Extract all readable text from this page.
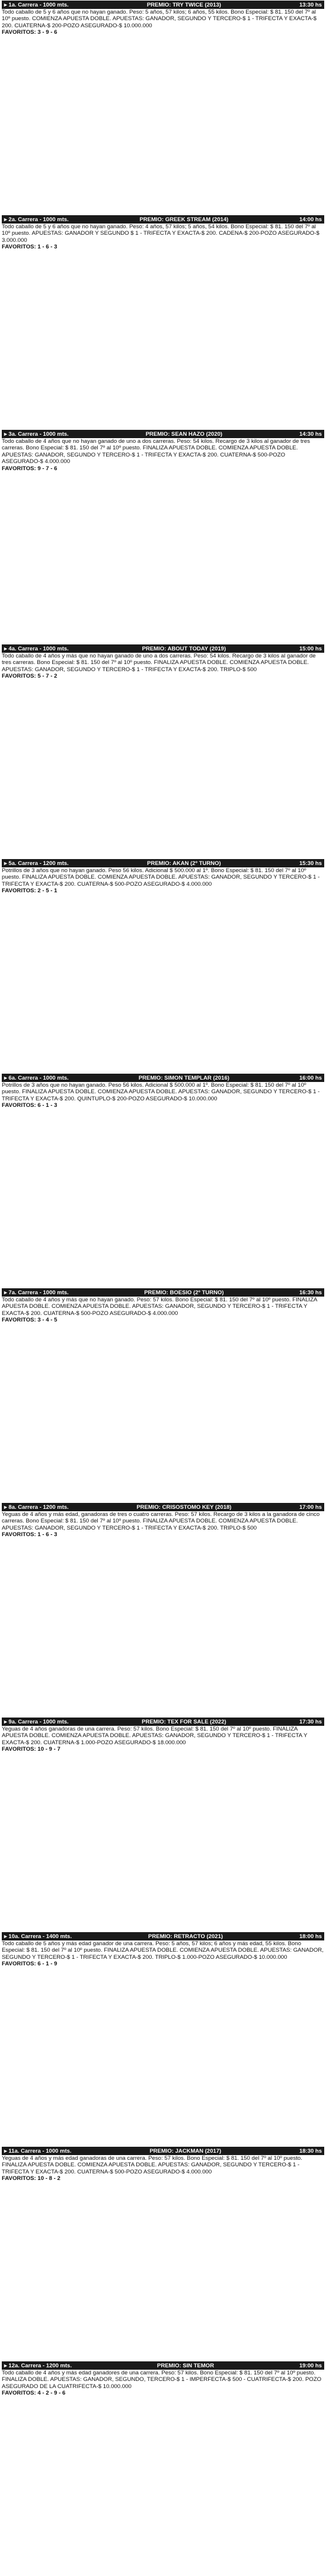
▸ 1a. Carrera - 1000 mts.	PREMIO: TRY TWICE (2013)	13:30 hs
Todo caballo de 5 y 6 años que no hayan ganado. Peso: 5 años, 57 kilos; 6 años, 55 kilos. Bono Especial: $ 81. 150 del 7º al 10º puesto. COMIENZA APUESTA DOBLE. APUESTAS: GANADOR, SEGUNDO Y TERCERO-$ 1 - TRIFECTA Y EXACTA-$ 200. CUATERNA-$ 200-POZO ASEGURADO-$ 10.000.000
FAVORITOS: 3 - 9 - 6
▸ 2a. Carrera - 1000 mts.	PREMIO: GREEK STREAM (2014)	14:00 hs
Todo caballo de 5 y 6 años que no hayan ganado. Peso: 4 años, 57 kilos; 5 años, 54 kilos. Bono Especial: $ 81. 150 del 7º al 10º puesto. APUESTAS: GANADOR Y SEGUNDO $ 1 - TRIFECTA Y EXACTA-$ 200. CADENA-$ 200-POZO ASEGURADO-$ 3.000.000
FAVORITOS: 1 - 6 - 3
▸ 3a. Carrera - 1000 mts.	PREMIO: SEAN HAZO (2020)	14:30 hs
Todo caballo de 4 años que no hayan ganado de uno a dos carreras. Peso: 54 kilos. Recargo de 3 kilos al ganador de tres carreras. Bono Especial: $ 81. 150 del 7º al 10º puesto. FINALIZA APUESTA DOBLE. COMIENZA APUESTA DOBLE. APUESTAS: GANADOR, SEGUNDO Y TERCERO-$ 1 - TRIFECTA Y EXACTA-$ 200. CUATERNA-$ 500-POZO ASEGURADO-$ 4.000.000
FAVORITOS: 9 - 7 - 6
▸ 4a. Carrera - 1000 mts.	PREMIO: ABOUT TODAY (2019)	15:00 hs
Todo caballo de 4 años y más que no hayan ganado de uno a dos carreras. Peso: 54 kilos. Recargo de 3 kilos al ganador de tres carreras. Bono Especial: $ 81. 150 del 7º al 10º puesto. FINALIZA APUESTA DOBLE. COMIENZA APUESTA DOBLE. APUESTAS: GANADOR, SEGUNDO Y TERCERO-$ 1 - TRIFECTA Y EXACTA-$ 200. TRIPLO-$ 500
FAVORITOS: 5 - 7 - 2
▸ 5a. Carrera - 1200 mts.	PREMIO: AKAN (2º TURNO)	15:30 hs
Potrillos de 3 años que no hayan ganado. Peso 56 kilos. Adicional $ 500.000 al 1º. Bono Especial: $ 81. 150 del 7º al 10º puesto. FINALIZA APUESTA DOBLE. COMIENZA APUESTA DOBLE. APUESTAS: GANADOR, SEGUNDO Y TERCERO-$ 1 - TRIFECTA Y EXACTA-$ 200. CUATERNA-$ 500-POZO ASEGURADO-$ 4.000.000
FAVORITOS: 2 - 5 - 1
▸ 6a. Carrera - 1000 mts.	PREMIO: SIMON TEMPLAR (2016)	16:00 hs
Potrillos de 3 años que no hayan ganado. Peso 56 kilos. Adicional $ 500.000 al 1º. Bono Especial: $ 81. 150 del 7º al 10º puesto. FINALIZA APUESTA DOBLE. COMIENZA APUESTA DOBLE. APUESTAS: GANADOR, SEGUNDO Y TERCERO-$ 1 - TRIFECTA Y EXACTA-$ 200. QUINTUPLO-$ 200-POZO ASEGURADO-$ 10.000.000
FAVORITOS: 6 - 1 - 3
▸ 7a. Carrera - 1000 mts.	PREMIO: BOESIO (2º TURNO)	16:30 hs
Todo caballo de 4 años y más que no hayan ganado. Peso: 57 kilos. Bono Especial: $ 81. 150 del 7º al 10º puesto. FINALIZA APUESTA DOBLE. COMIENZA APUESTA DOBLE. APUESTAS: GANADOR, SEGUNDO Y TERCERO-$ 1 - TRIFECTA Y EXACTA-$ 200. CUATERNA-$ 500-POZO ASEGURADO-$ 4.000.000
FAVORITOS: 3 - 4 - 5
▸ 8a. Carrera - 1200 mts.	PREMIO: CRISOSTOMO KEY (2018)	17:00 hs
Yeguas de 4 años y más edad, ganadoras de tres o cuatro carreras. Peso: 57 kilos. Recargo de 3 kilos a la ganadora de cinco carreras. Bono Especial: $ 81. 150 del 7º al 10º puesto. FINALIZA APUESTA DOBLE. COMIENZA APUESTA DOBLE. APUESTAS: GANADOR, SEGUNDO Y TERCERO-$ 1 - TRIFECTA Y EXACTA-$ 200. TRIPLO-$ 500
FAVORITOS: 1 - 6 - 3
▸ 9a. Carrera - 1000 mts.	PREMIO: TEX FOR SALE (2022)	17:30 hs
Yeguas de 4 años ganadoras de una carrera. Peso: 57 kilos. Bono Especial: $ 81. 150 del 7º al 10º puesto. FINALIZA APUESTA DOBLE. COMIENZA APUESTA DOBLE. APUESTAS: GANADOR, SEGUNDO Y TERCERO-$ 1 - TRIFECTA Y EXACTA-$ 200. CUATERNA-$ 1.000-POZO ASEGURADO-$ 18.000.000
FAVORITOS: 10 - 9 - 7
▸ 10a. Carrera - 1400 mts.	PREMIO: RETRACTO (2021)	18:00 hs
Todo caballo de 5 años y más edad ganador de una carrera. Peso: 5 años, 57 kilos; 6 años y más edad, 55 kilos. Bono Especial: $ 81. 150 del 7º al 10º puesto. FINALIZA APUESTA DOBLE. COMIENZA APUESTA DOBLE. APUESTAS: GANADOR, SEGUNDO Y TERCERO-$ 1 - TRIFECTA Y EXACTA-$ 200. TRIPLO-$ 1.000-POZO ASEGURADO-$ 10.000.000
FAVORITOS: 6 - 1 - 9
▸ 11a. Carrera - 1000 mts.	PREMIO: JACKMAN (2017)	18:30 hs
Yeguas de 4 años y más edad ganadoras de una carrera. Peso: 57 kilos. Bono Especial: $ 81. 150 del 7º al 10º puesto. FINALIZA APUESTA DOBLE. COMIENZA APUESTA DOBLE. APUESTAS: GANADOR, SEGUNDO Y TERCERO-$ 1 - TRIFECTA Y EXACTA-$ 200. CUATERNA-$ 500-POZO ASEGURADO-$ 4.000.000
FAVORITOS: 10 - 8 - 2
▸ 12a. Carrera - 1200 mts.	PREMIO: SIN TEMOR	19:00 hs
Todo caballo de 4 años y más edad ganadores de una carrera. Peso: 57 kilos. Bono Especial: $ 81. 150 del 7º al 10º puesto. FINALIZA DOBLE. APUESTAS: GANADOR, SEGUNDO, TERCERO-$ 1 - IMPERFECTA-$ 500 - CUATRIFECTA-$ 200. POZO ASEGURADO DE LA CUATRIFECTA-$ 10.000.000
FAVORITOS: 4 - 2 - 9 - 6
